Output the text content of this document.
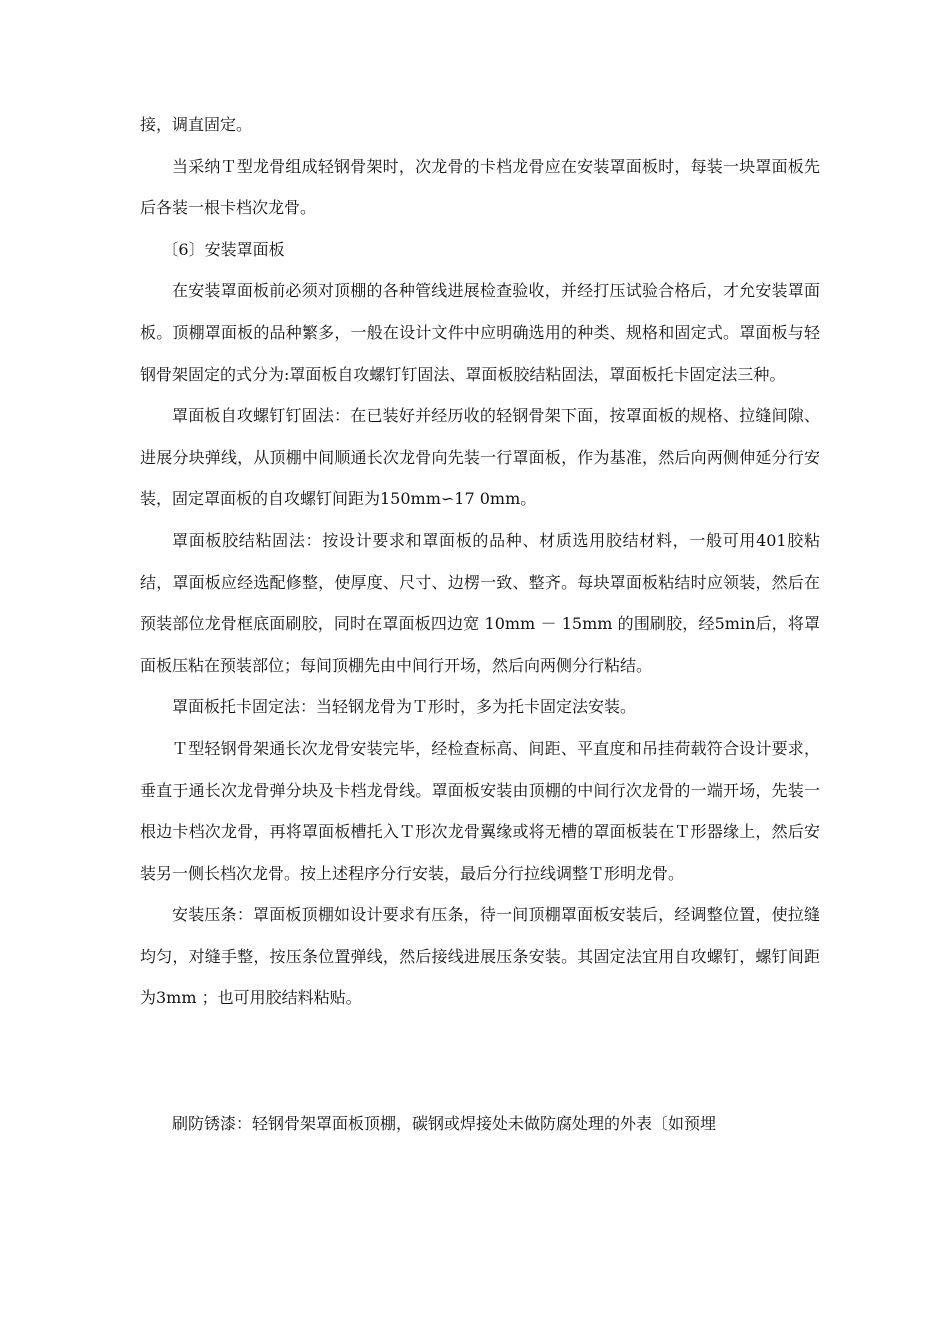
接，调直固定。

当采纳Ｔ型龙骨组成轻钢骨架时，次龙骨的卡档龙骨应在安装罩面板时，每装一块罩面板先后各装一根卡档次龙骨。

〔6〕安装罩面板

在安装罩面板前必须对顶棚的各种管线进展检查验收，并经打压试验合格后，才允安装罩面板。顶棚罩面板的品种繁多，一般在设计文件中应明确选用的种类、规格和固定式。罩面板与轻钢骨架固定的式分为:罩面板自攻螺钉钉固法、罩面板胶结粘固法，罩面板托卡固定法三种。

罩面板自攻螺钉钉固法：在已装好并经历收的轻钢骨架下面，按罩面板的规格、拉缝间隙、进展分块弹线，从顶棚中间顺通长次龙骨向先装一行罩面板，作为基准，然后向两侧伸延分行安装，固定罩面板的自攻螺钉间距为150mm∽17 0mm。

罩面板胶结粘固法：按设计要求和罩面板的品种、材质选用胶结材料，一般可用401胶粘结，罩面板应经选配修整，使厚度、尺寸、边楞一致、整齐。每块罩面板粘结时应领装，然后在预装部位龙骨框底面刷胶，同时在罩面板四边宽 10mm － 15mm 的围刷胶，经5min后，将罩面板压粘在预装部位；每间顶棚先由中间行开场，然后向两侧分行粘结。

罩面板托卡固定法：当轻钢龙骨为Ｔ形时，多为托卡固定法安装。

Ｔ型轻钢骨架通长次龙骨安装完毕，经检查标高、间距、平直度和吊挂荷载符合设计要求，垂直于通长次龙骨弹分块及卡档龙骨线。罩面板安装由顶棚的中间行次龙骨的一端开场，先装一根边卡档次龙骨，再将罩面板槽托入Ｔ形次龙骨翼缘或将无槽的罩面板装在Ｔ形器缘上，然后安装另一侧长档次龙骨。按上述程序分行安装，最后分行拉线调整Ｔ形明龙骨。

安装压条：罩面板顶棚如设计要求有压条，待一间顶棚罩面板安装后，经调整位置，使拉缝均匀，对缝手整，按压条位置弹线，然后接线进展压条安装。其固定法宜用自攻螺钉，螺钉间距为3mm ；也可用胶结料粘贴。

刷防锈漆：轻钢骨架罩面板顶棚，碳钢或焊接处未做防腐处理的外表〔如预埋
